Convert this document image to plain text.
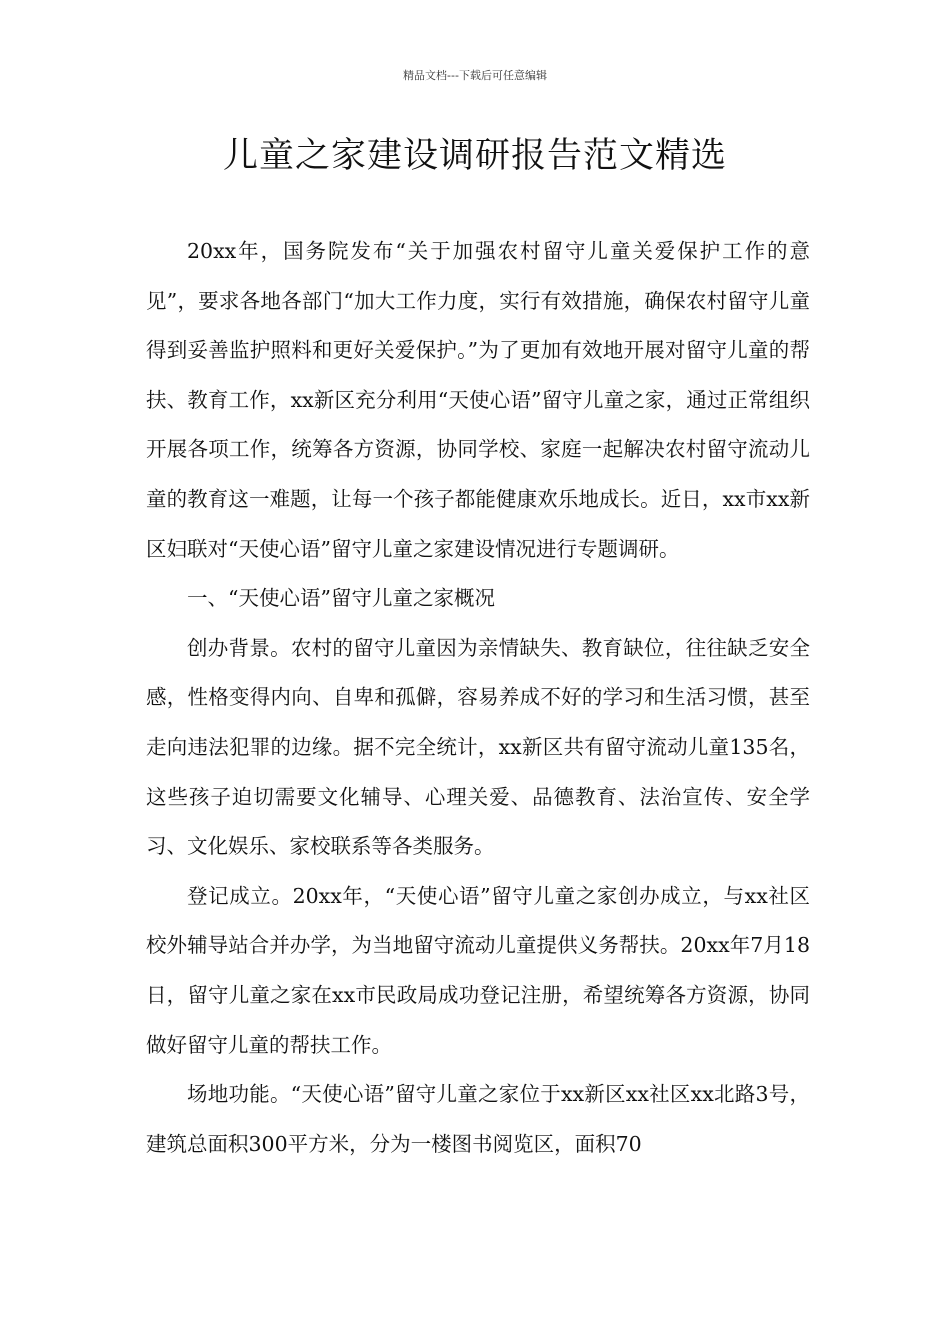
精品文档---下载后可任意编辑
儿童之家建设调研报告范文精选

20xx年，国务院发布“关于加强农村留守儿童关爱保护工作的意见”，要求各地各部门“加大工作力度，实行有效措施，确保农村留守儿童得到妥善监护照料和更好关爱保护。”为了更加有效地开展对留守儿童的帮扶、教育工作，xx新区充分利用“天使心语”留守儿童之家，通过正常组织开展各项工作，统筹各方资源，协同学校、家庭一起解决农村留守流动儿童的教育这一难题，让每一个孩子都能健康欢乐地成长。近日，xx市xx新区妇联对“天使心语”留守儿童之家建设情况进行专题调研。

一、“天使心语”留守儿童之家概况

创办背景。农村的留守儿童因为亲情缺失、教育缺位，往往缺乏安全感，性格变得内向、自卑和孤僻，容易养成不好的学习和生活习惯，甚至走向违法犯罪的边缘。据不完全统计，xx新区共有留守流动儿童135名，这些孩子迫切需要文化辅导、心理关爱、品德教育、法治宣传、安全学习、文化娱乐、家校联系等各类服务。

登记成立。20xx年，“天使心语”留守儿童之家创办成立，与xx社区校外辅导站合并办学，为当地留守流动儿童提供义务帮扶。20xx年7月18日，留守儿童之家在xx市民政局成功登记注册，希望统筹各方资源，协同做好留守儿童的帮扶工作。

场地功能。“天使心语”留守儿童之家位于xx新区xx社区xx北路3号，建筑总面积300平方米，分为一楼图书阅览区，面积70
